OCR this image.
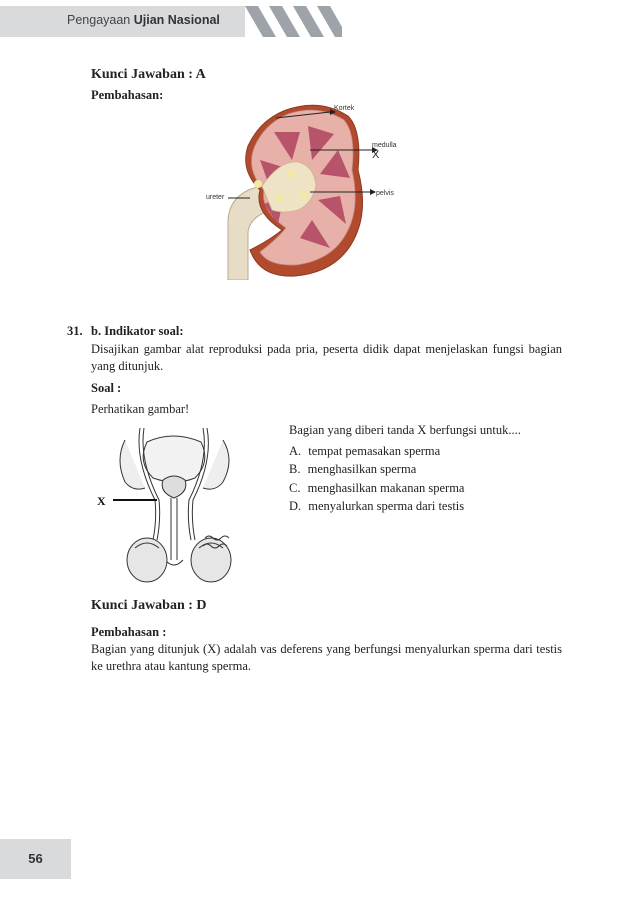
Pengayaan Ujian Nasional
Kunci Jawaban : A
Pembahasan:
Kortek
medulla
X
pelvis
ureter
31. b. Indikator soal:
Disajikan gambar alat reproduksi pada pria, peserta didik dapat menjelaskan fungsi bagian yang ditunjuk.
Soal :
Perhatikan gambar!
X
Bagian yang diberi tanda X berfungsi untuk....
A. tempat pemasakan sperma
B. menghasilkan sperma
C. menghasilkan makanan sperma
D. menyalurkan sperma dari testis
Kunci Jawaban : D
Pembahasan :
Bagian yang ditunjuk (X) adalah vas deferens yang berfungsi menyalurkan sperma dari testis ke urethra atau kantung sperma.
56
